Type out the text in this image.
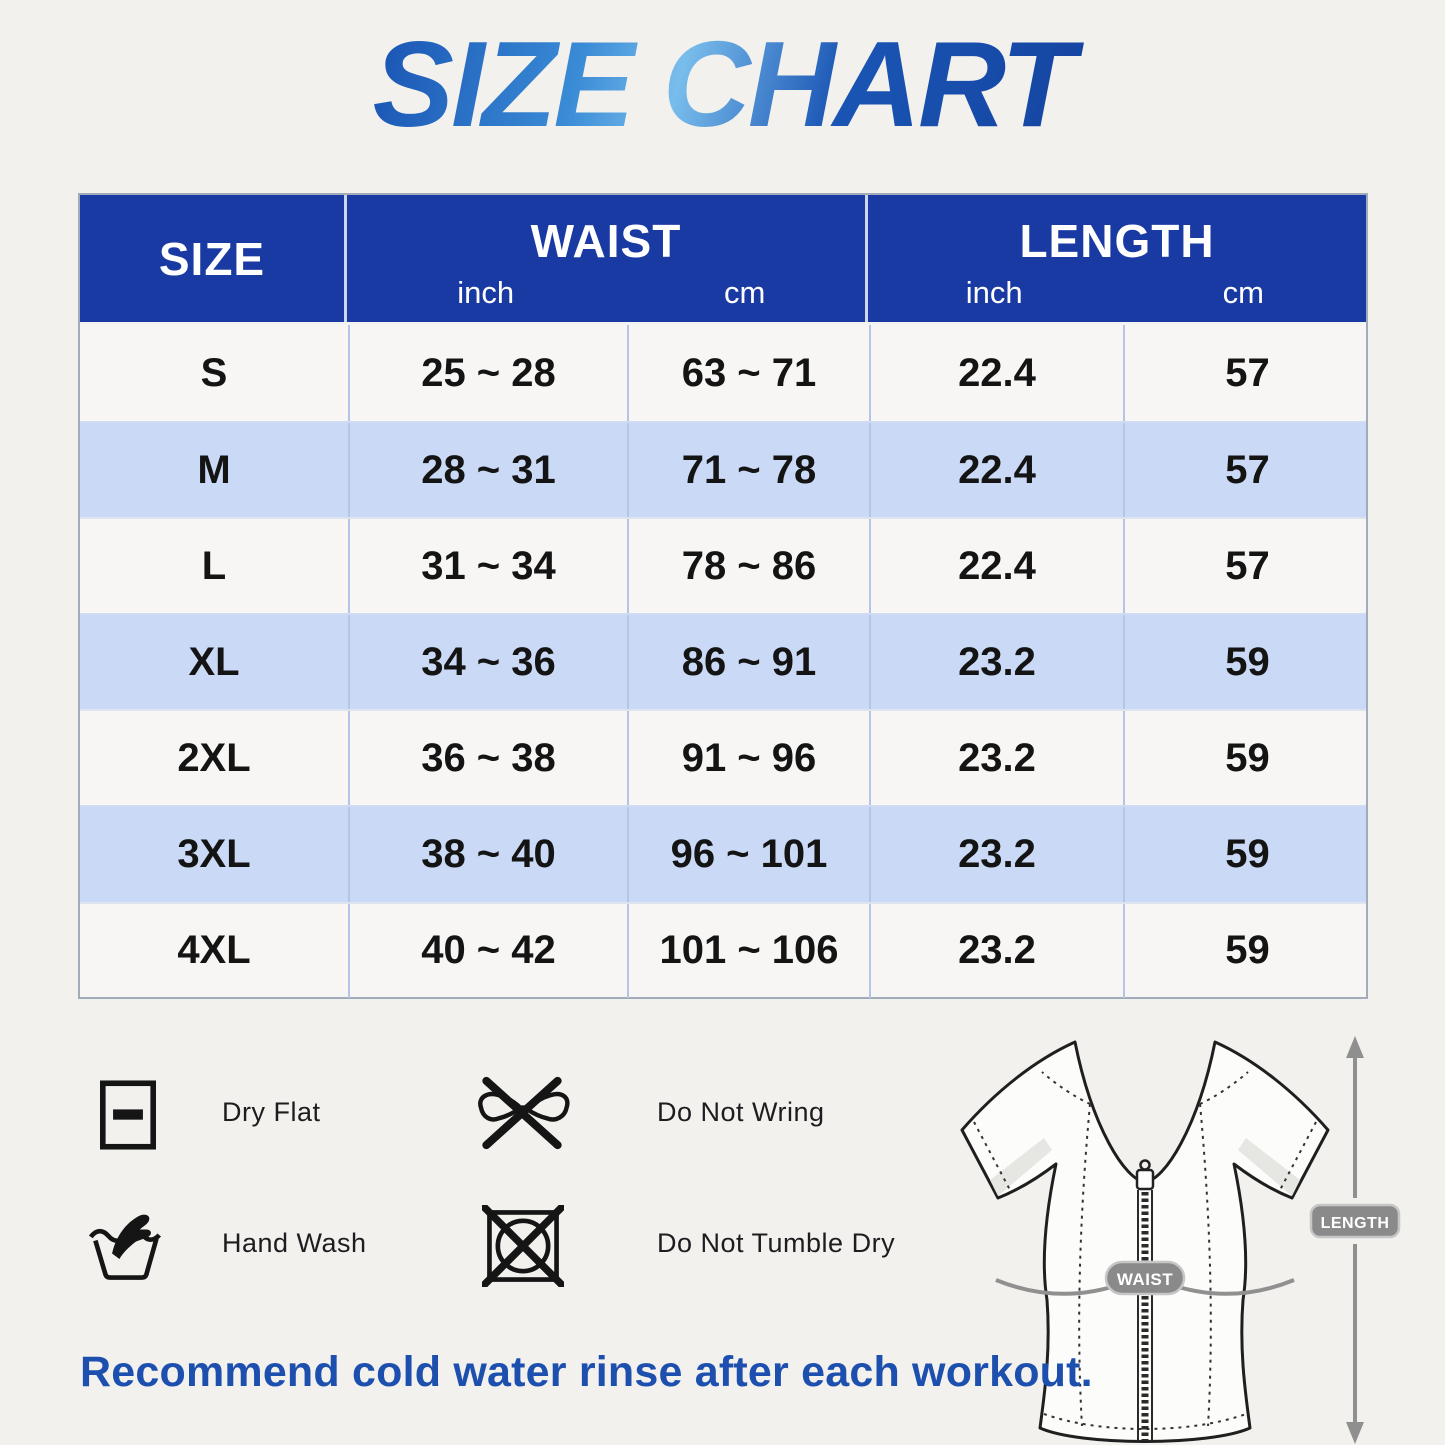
SIZE CHART
SIZE	WAIST
inch	cm
LENGTH
inch	cm
S	25 ~ 28	63 ~ 71	22.4	57
M	28 ~ 31	71 ~ 78	22.4	57
L	31 ~ 34	78 ~ 86	22.4	57
XL	34 ~ 36	86 ~ 91	23.2	59
2XL	36 ~ 38	91 ~ 96	23.2	59
3XL	38 ~ 40	96 ~ 101	23.2	59
4XL	40 ~ 42	101 ~ 106	23.2	59
Dry Flat	Do Not Wring
Hand Wash	Do Not Tumble Dry
WAIST
LENGTH
Recommend cold water rinse after each workout.
